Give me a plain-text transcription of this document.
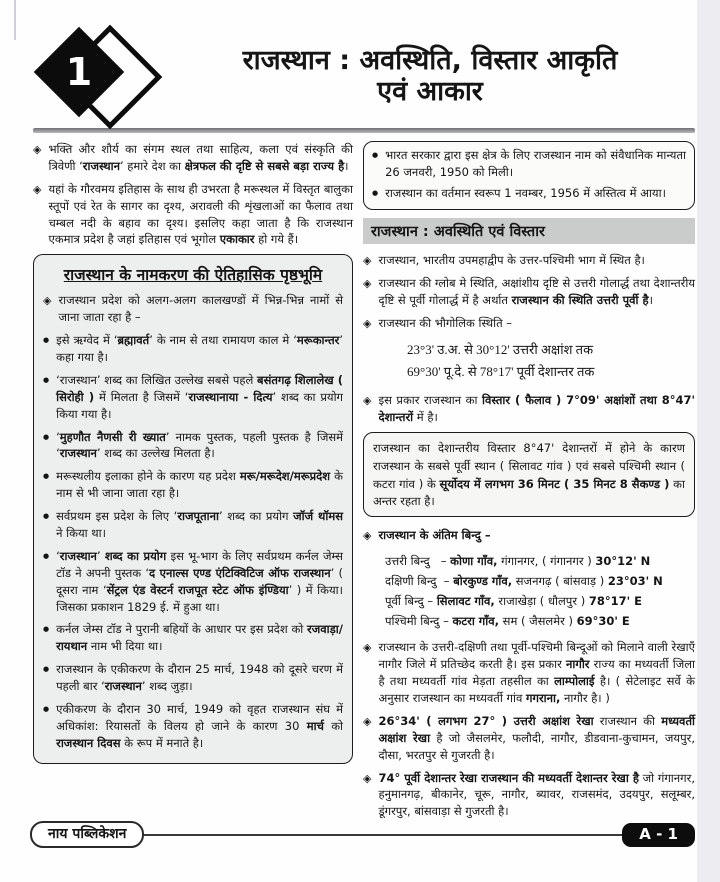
1	राजस्थान : अवस्थिति, विस्तार आकृति
एवं आकार
◈ भक्ति और शौर्य का संगम स्थल तथा साहित्य, कला एवं संस्कृति की त्रिवेणी ‘राजस्थान’ हमारे देश का क्षेत्रफल की दृष्टि से सबसे बड़ा राज्य है।
◈ यहां के गौरवमय इतिहास के साथ ही उभरता है मरूस्थल में विस्तृत बालुका स्तूपों एवं रेत के सागर का दृश्य, अरावली की शृंखलाओं का फैलाव तथा चम्बल नदी के बहाव का दृश्य। इसलिए कहा जाता है कि राजस्थान एकमात्र प्रदेश है जहां इतिहास एवं भूगोल एकाकार हो गये हैं।
राजस्थान के नामकरण की ऐतिहासिक पृष्ठभूमि
◈ राजस्थान प्रदेश को अलग-अलग कालखण्डों में भिन्न-भिन्न नामों से जाना जाता रहा है –
● इसे ऋग्वेद में ‘ब्रह्मावर्त’ के नाम से तथा रामायण काल मे ‘मरूकान्तर’ कहा गया है।
● ‘राजस्थान’ शब्द का लिखित उल्लेख सबसे पहले बसंतगढ़ शिलालेख ( सिरोही ) में मिलता है जिसमें ‘राजस्थानाया - दित्य’ शब्द का प्रयोग किया गया है।
● ‘मुहणौत नैणसी री ख्यात’ नामक पुस्तक, पहली पुस्तक है जिसमें ‘राजस्थान’ शब्द का उल्लेख मिलता है।
● मरूस्थलीय इलाका होने के कारण यह प्रदेश मरू/मरूदेश/मरूप्रदेश के नाम से भी जाना जाता रहा है।
● सर्वप्रथम इस प्रदेश के लिए ‘राजपूताना’ शब्द का प्रयोग जॉर्ज थॉमस ने किया था।
● ‘राजस्थान’ शब्द का प्रयोग इस भू-भाग के लिए सर्वप्रथम कर्नल जेम्स टॉड ने अपनी पुस्तक ‘द एनाल्स एण्ड एंटिक्विटिज ऑफ राजस्थान’ ( दूसरा नाम ‘सेंट्रल एंड वेस्टर्न राजपूत स्टेट ऑफ इंण्डिया’ ) में किया। जिसका प्रकाशन 1829 ई. में हुआ था।
● कर्नल जेम्स टॉड ने पुरानी बहियों के आधार पर इस प्रदेश को रजवाड़ा/रायथान नाम भी दिया था।
● राजस्थान के एकीकरण के दौरान 25 मार्च, 1948 को दूसरे चरण में पहली बार ‘राजस्थान’ शब्द जुड़ा।
● एकीकरण के दौरान 30 मार्च, 1949 को वृहत राजस्थान संघ में अधिकांश: रियासतों के विलय हो जाने के कारण 30 मार्च को राजस्थान दिवस के रूप में मनाते है।
● भारत सरकार द्वारा इस क्षेत्र के लिए राजस्थान नाम को संवैधानिक मान्यता 26 जनवरी, 1950 को मिली।
● राजस्थान का वर्तमान स्वरूप 1 नवम्बर, 1956 में अस्तित्व में आया।
राजस्थान : अवस्थिति एवं विस्तार
◈ राजस्थान, भारतीय उपमहाद्वीप के उत्तर-पश्चिमी भाग में स्थित है।
◈ राजस्थान की ग्लोब मे स्थिति, अक्षांशीय दृष्टि से उत्तरी गोलार्द्ध तथा देशान्तरीय दृष्टि से पूर्वी गोलार्द्ध में है अर्थात राजस्थान की स्थिति उत्तरी पूर्वी है।
◈ राजस्थान की भौगोलिक स्थिति –
23°3' उ.अ. से 30°12' उत्तरी अक्षांश तक
69°30' पू.दे. से 78°17' पूर्वी देशान्तर तक
◈ इस प्रकार राजस्थान का विस्तार ( फैलाव ) 7°09' अक्षांशों तथा 8°47' देशान्तरों में है।
राजस्थान का देशान्तरीय विस्तार 8°47' देशान्तरों में होने के कारण राजस्थान के सबसे पूर्वी स्थान ( सिलावट गांव ) एवं सबसे पश्चिमी स्थान ( कटरा गांव ) के सूर्योदय में लगभग 36 मिनट ( 35 मिनट 8 सैकण्ड ) का अन्तर रहता है।
◈ राजस्थान के अंतिम बिन्दु –
उत्तरी बिन्दु   – कोणा गाँव, गंगानगर, ( गंगानगर ) 30°12' N
दक्षिणी बिन्दु  – बोरकुण्ड गाँव, सजनगढ़ ( बांसवाड़ ) 23°03' N
पूर्वी बिन्दु – सिलावट गाँव, राजाखेड़ा ( धौलपुर ) 78°17' E
पश्चिमी बिन्दु – कटरा गाँव, सम ( जैसलमेर ) 69°30' E
◈ राजस्थान के उत्तरी-दक्षिणी तथा पूर्वी-पश्चिमी बिन्दूओं को मिलाने वाली रेखाएँ नागौर जिले में प्रतिच्छेद करती है। इस प्रकार नागौर राज्य का मध्यवर्ती जिला है तथा मध्यवर्ती गांव मेड़ता तहसील का लाम्पोलाई है। ( सेटेलाइट सर्वे के अनुसार राजस्थान का मध्यवर्ती गांव गगराना, नागौर है। )
◈ 26°34' ( लगभग 27° ) उत्तरी अक्षांश रेखा राजस्थान की मध्यवर्ती अक्षांश रेखा है जो जैसलमेर, फलौदी, नागौर, डीडवाना-कुचामन, जयपुर, दौसा, भरतपुर से गुजरती है।
◈ 74° पूर्वी देशान्तर रेखा राजस्थान की मध्यवर्ती देशान्तर रेखा है जो गंगानगर, हनुमानगढ़, बीकानेर, चूरू, नागौर, ब्यावर, राजसमंद, उदयपुर, सलूम्बर, डूंगरपुर, बांसवाड़ा से गुजरती है।
नाय पब्लिकेशन	A - 1
